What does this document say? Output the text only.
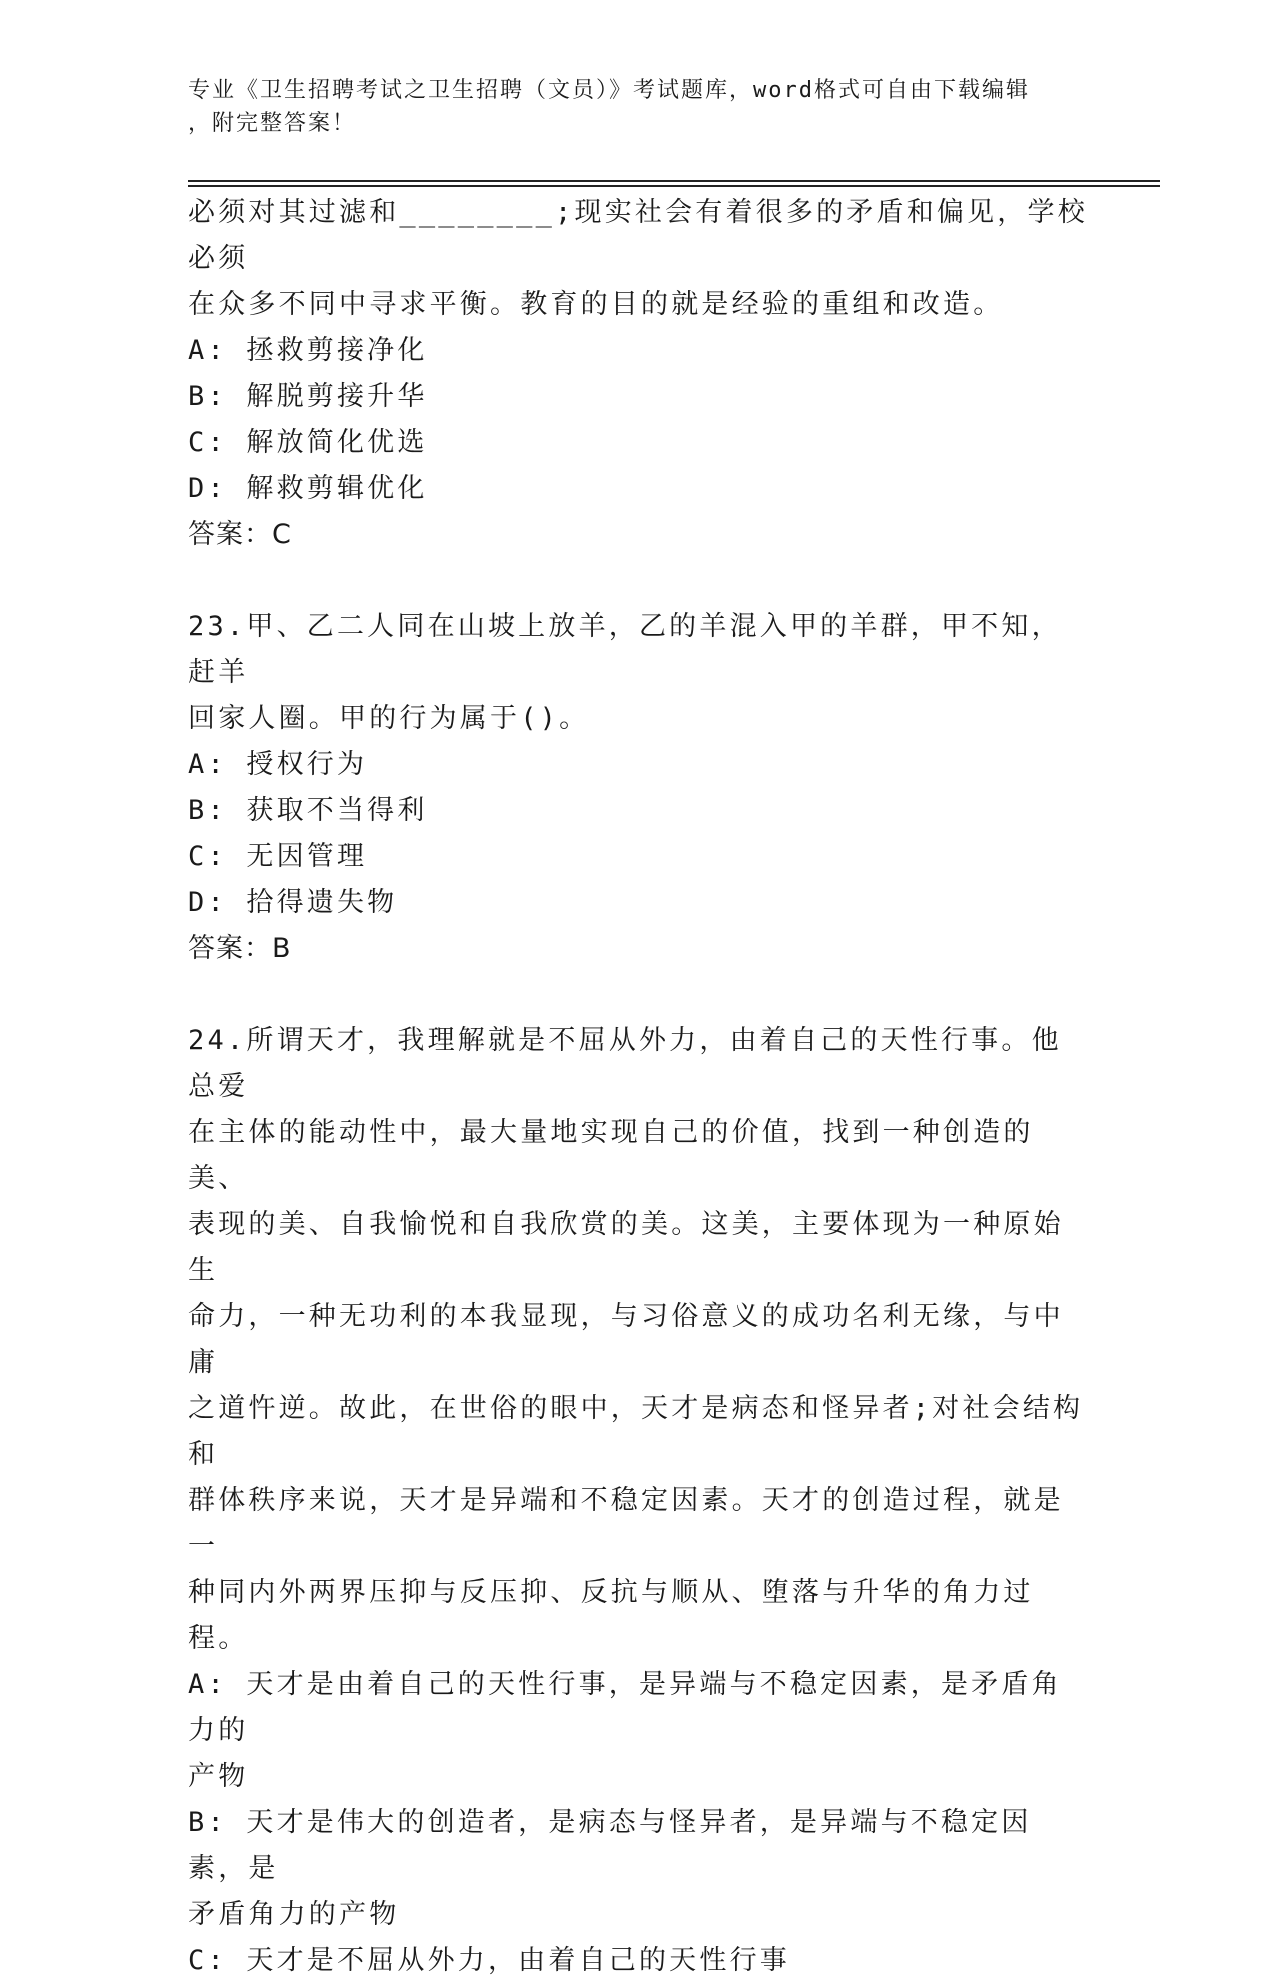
专业《卫生招聘考试之卫生招聘（文员）》考试题库，word格式可自由下载编辑
，附完整答案！

必须对其过滤和________;现实社会有着很多的矛盾和偏见，学校必须

在众多不同中寻求平衡。教育的目的就是经验的重组和改造。

A: 拯救剪接净化

B: 解脱剪接升华

C: 解放简化优选

D: 解救剪辑优化

答案：C

23.甲、乙二人同在山坡上放羊，乙的羊混入甲的羊群，甲不知，赶羊

回家人圈。甲的行为属于()。

A: 授权行为

B: 获取不当得利

C: 无因管理

D: 拾得遗失物

答案：B

24.所谓天才，我理解就是不屈从外力，由着自己的天性行事。他总爱

在主体的能动性中，最大量地实现自己的价值，找到一种创造的美、

表现的美、自我愉悦和自我欣赏的美。这美，主要体现为一种原始生

命力，一种无功利的本我显现，与习俗意义的成功名利无缘，与中庸

之道忤逆。故此，在世俗的眼中，天才是病态和怪异者;对社会结构和

群体秩序来说，天才是异端和不稳定因素。天才的创造过程，就是一

种同内外两界压抑与反压抑、反抗与顺从、堕落与升华的角力过程。

A: 天才是由着自己的天性行事，是异端与不稳定因素，是矛盾角力的

产物

B: 天才是伟大的创造者，是病态与怪异者，是异端与不稳定因素，是

矛盾角力的产物

C: 天才是不屈从外力，由着自己的天性行事
